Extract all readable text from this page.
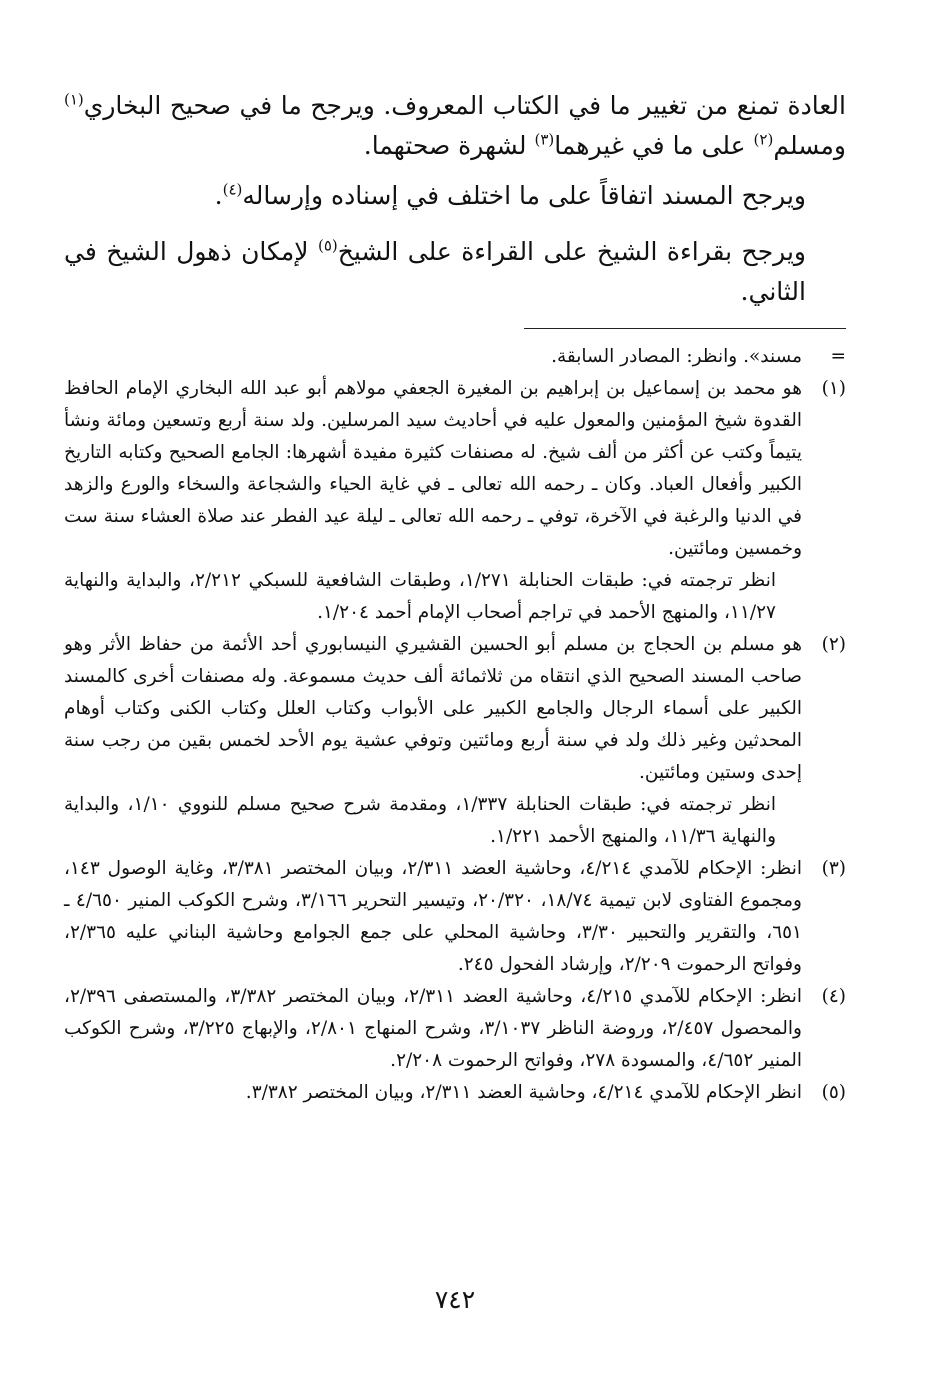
العادة تمنع من تغيير ما في الكتاب المعروف. ويرجح ما في صحيح البخاري$^{(١)}$ ومسلم$^{(٢)}$ على ما في غيرهما$^{(٣)}$ لشهرة صحتهما.

ويرجح المسند اتفاقاً على ما اختلف في إسناده وإرساله$^{(٤)}$.

ويرجح بقراءة الشيخ على القراءة على الشيخ$^{(٥)}$ لإمكان ذهول الشيخ في الثاني.

=

مسند». وانظر: المصادر السابقة.

(١)

هو محمد بن إسماعيل بن إبراهيم بن المغيرة الجعفي مولاهم أبو عبد الله البخاري الإمام الحافظ القدوة شيخ المؤمنين والمعول عليه في أحاديث سيد المرسلين. ولد سنة أربع وتسعين ومائة ونشأ يتيماً وكتب عن أكثر من ألف شيخ. له مصنفات كثيرة مفيدة أشهرها: الجامع الصحيح وكتابه التاريخ الكبير وأفعال العباد. وكان ـ رحمه الله تعالى ـ في غاية الحياء والشجاعة والسخاء والورع والزهد في الدنيا والرغبة في الآخرة، توفي ـ رحمه الله تعالى ـ ليلة عيد الفطر عند صلاة العشاء سنة ست وخمسين ومائتين.

انظر ترجمته في: طبقات الحنابلة ١/٢٧١، وطبقات الشافعية للسبكي ٢/٢١٢، والبداية والنهاية ١١/٢٧، والمنهج الأحمد في تراجم أصحاب الإمام أحمد ١/٢٠٤.

(٢)

هو مسلم بن الحجاج بن مسلم أبو الحسين القشيري النيسابوري أحد الأئمة من حفاظ الأثر وهو صاحب المسند الصحيح الذي انتقاه من ثلاثمائة ألف حديث مسموعة. وله مصنفات أخرى كالمسند الكبير على أسماء الرجال والجامع الكبير على الأبواب وكتاب العلل وكتاب الكنى وكتاب أوهام المحدثين وغير ذلك ولد في سنة أربع ومائتين وتوفي عشية يوم الأحد لخمس بقين من رجب سنة إحدى وستين ومائتين.

انظر ترجمته في: طبقات الحنابلة ١/٣٣٧، ومقدمة شرح صحيح مسلم للنووي ١/١٠، والبداية والنهاية ١١/٣٦، والمنهج الأحمد ١/٢٢١.

(٣)

انظر: الإحكام للآمدي ٤/٢١٤، وحاشية العضد ٢/٣١١، وبيان المختصر ٣/٣٨١، وغاية الوصول ١٤٣، ومجموع الفتاوى لابن تيمية ١٨/٧٤، ٢٠/٣٢٠، وتيسير التحرير ٣/١٦٦، وشرح الكوكب المنير ٤/٦٥٠ ـ ٦٥١، والتقرير والتحبير ٣/٣٠، وحاشية المحلي على جمع الجوامع وحاشية البناني عليه ٢/٣٦٥، وفواتح الرحموت ٢/٢٠٩، وإرشاد الفحول ٢٤٥.

(٤)

انظر: الإحكام للآمدي ٤/٢١٥، وحاشية العضد ٢/٣١١، وبيان المختصر ٣/٣٨٢، والمستصفى ٢/٣٩٦، والمحصول ٢/٤٥٧، وروضة الناظر ٣/١٠٣٧، وشرح المنهاج ٢/٨٠١، والإبهاج ٣/٢٢٥، وشرح الكوكب المنير ٤/٦٥٢، والمسودة ٢٧٨، وفواتح الرحموت ٢/٢٠٨.

(٥)

انظر الإحكام للآمدي ٤/٢١٤، وحاشية العضد ٢/٣١١، وبيان المختصر ٣/٣٨٢.

٧٤٢
